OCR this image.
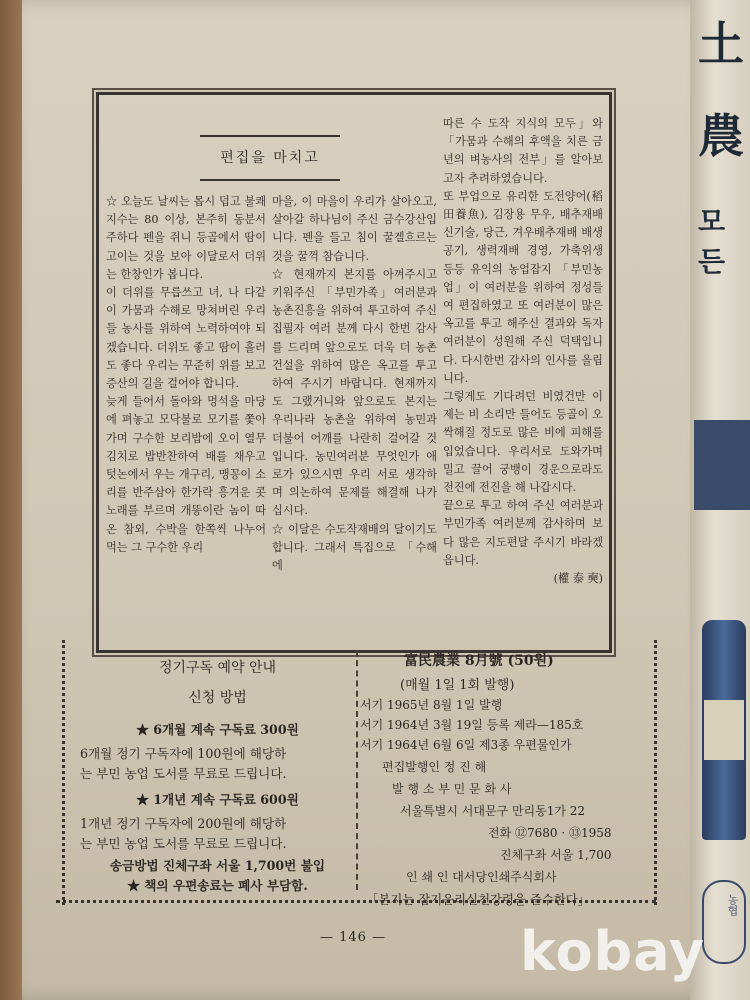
土
農
모든
농협
편집을 마치고

☆ 오늘도 날씨는 몹시 덥고 불쾌지수는 80 이상, 본주히 동분서주하다 펜을 쥐니 등골에서 땀이 고이는 것을 보아 이달로서 더위는 한창인가 봅니다.

이 더위를 무릅쓰고 녀, 나 다같이 가뭄과 수해로 망쳐버린 우리들 농사를 위하여 노력하여야 되겠습니다. 더위도 좋고 땀이 흘러도 좋다 우리는 꾸준히 위를 보고 증산의 길을 걸어야 합니다.

늦게 들어서 돌아와 멍석을 마당에 펴놓고 모닥불로 모기를 쫓아가며 구수한 보리밥에 오이 열무김치로 밥반찬하여 배를 채우고 텃논에서 우는 개구리, 맹꽁이 소리를 반주삼아 한가락 흥겨운 콧노래를 부르며 개똥이란 놈이 따온 참외, 수박을 한쪽씩 나누어 먹는 그 구수한 우리

마을, 이 마을이 우리가 살아오고, 살아갈 하나님이 주신 금수강산입니다. 펜을 들고 침이 꿀겔흐르는 것을 꿀꺽 참습니다.

☆ 현재까지 본지를 아껴주시고 키워주신 「부민가족」여러분과 농촌진흥을 위하여 투고하여 주신 집필자 여러 분께 다시 한번 감사를 드리며 앞으로도 더욱 더 농촌건설을 위하여 많은 옥고를 투고하여 주시기 바랍니다. 현재까지도 그랬거니와 앞으로도 본지는 우리나라 농촌을 위하여 농민과 더불어 어깨를 나란히 걸어갈 것입니다. 농민여러분 무엇인가 애로가 있으시면 우리 서로 생각하며 의논하여 문제를 해결해 나가십시다.

☆ 이달은 수도작재배의 달이기도 합니다. 그래서 특집으로 「수해에

따른 수 도작 지식의 모두」와 「가뭄과 수해의 후액을 치른 금년의 벼농사의 전부」를 알아보고자 추려하였습니다.

또 부업으로 유리한 도전양어(稻田養魚), 김장용 무우, 배추재배 신기술, 당근, 겨우배추재배 배생공기, 생력재배 경영, 가축위생 등등 유익의 농업잡지 「부민농업」이 여러분을 위하여 정성들여 편집하였고 또 여러분이 많은 옥고를 투고 해주신 결과와 독자여러분이 성원해 주신 덕택입니다. 다시한번 감사의 인사를 올립니다.

그렇게도 기다려던 비였건만 이제는 비 소리만 들어도 등골이 오싹해질 정도로 많은 비에 피해를 입었습니다. 우리서로 도와가며 밀고 끌어 궁뱅이 경운으로라도 전진에 전진을 해 나갑시다.

끝으로 투고 하여 주신 여러분과 부민가족 여러분께 감사하며 보다 많은 지도편달 주시기 바라겠읍니다.

(權 泰 奭)

정기구독 예약 안내
신청 방법
★ 6개월 계속 구독료 300원
6개월 정기 구독자에 100원에 해당하
는 부민 농업 도서를 무료로 드립니다.
★ 1개년 계속 구독료 600원
1개년 정기 구독자에 200원에 해당하
는 부민 농업 도서를 무료로 드립니다.
송금방법 진체구좌 서울 1,700번 불입
★ 책의 우편송료는 폐사 부담함.
富民農業 8月號 (50원)
(매월 1일 1회 발행)
서기 1965년 8월 1일 발행
서기 1964년 3월 19일 등록 제라—185호
서기 1964년 6월 6일 제3종 우편물인가
편집발행인 정 진 해
발 행 소 부 민 문 화 사
서울특별시 서대문구 만리동1가 22
전화 ⑫7680 · ⑬1958
진체구좌 서울 1,700
인 쇄 인 대서당인쇄주식회사
「본지는 잡지윤리실천강령을 준수한다」
— 146 — kobay
